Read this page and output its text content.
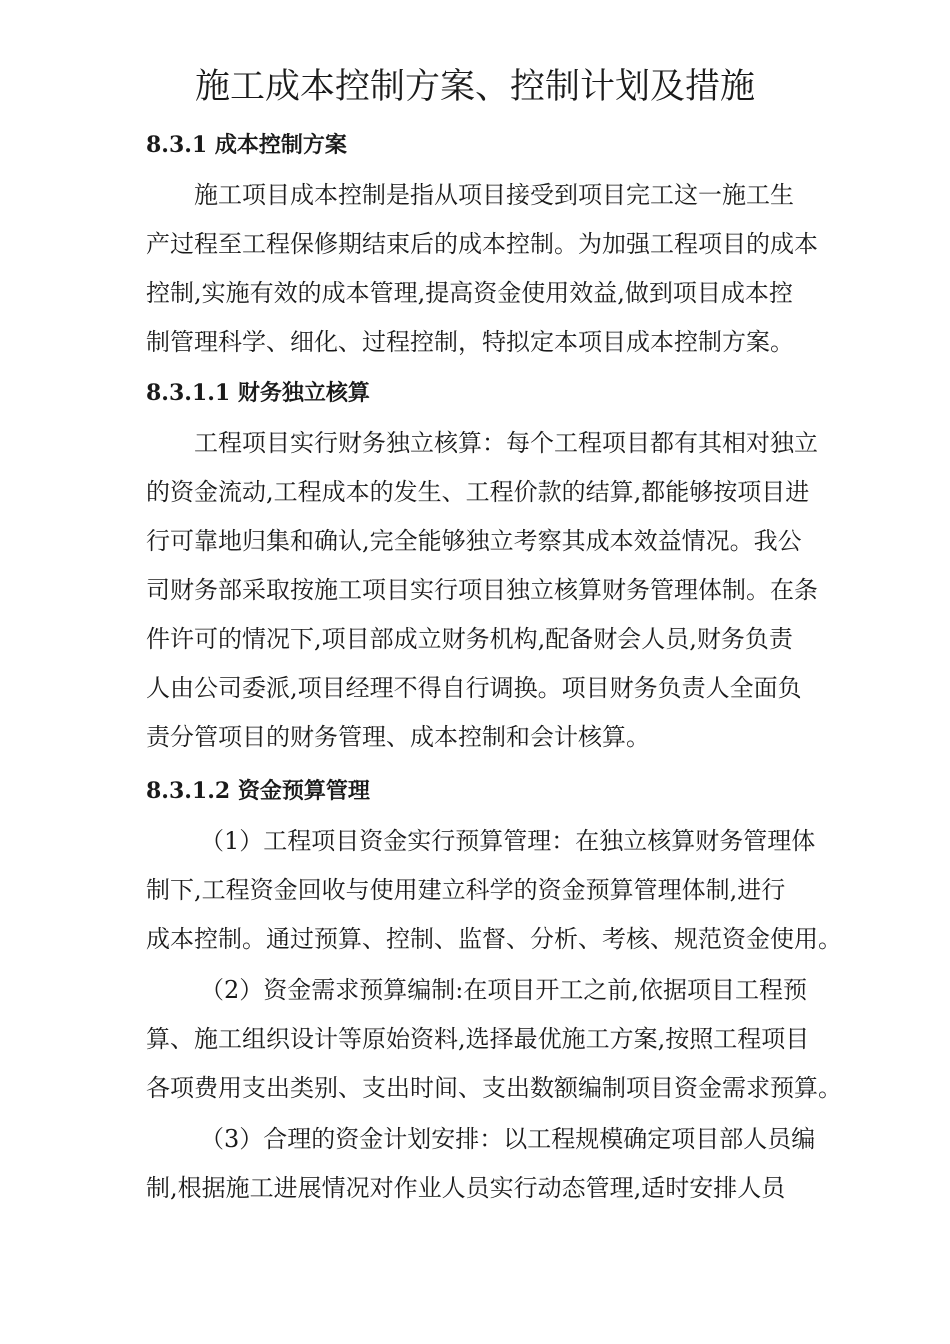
施工成本控制方案、控制计划及措施
8.3.1 成本控制方案
施工项目成本控制是指从项目接受到项目完工这一施工生
产过程至工程保修期结束后的成本控制。为加强工程项目的成本
控制,实施有效的成本管理,提高资金使用效益,做到项目成本控
制管理科学、细化、过程控制，特拟定本项目成本控制方案。
8.3.1.1 财务独立核算
工程项目实行财务独立核算：每个工程项目都有其相对独立
的资金流动,工程成本的发生、工程价款的结算,都能够按项目进
行可靠地归集和确认,完全能够独立考察其成本效益情况。我公
司财务部采取按施工项目实行项目独立核算财务管理体制。在条
件许可的情况下,项目部成立财务机构,配备财会人员,财务负责
人由公司委派,项目经理不得自行调换。项目财务负责人全面负
责分管项目的财务管理、成本控制和会计核算。
8.3.1.2 资金预算管理
（1）工程项目资金实行预算管理：在独立核算财务管理体
制下,工程资金回收与使用建立科学的资金预算管理体制,进行
成本控制。通过预算、控制、监督、分析、考核、规范资金使用。
（2）资金需求预算编制:在项目开工之前,依据项目工程预
算、施工组织设计等原始资料,选择最优施工方案,按照工程项目
各项费用支出类别、支出时间、支出数额编制项目资金需求预算。
（3）合理的资金计划安排：以工程规模确定项目部人员编
制,根据施工进展情况对作业人员实行动态管理,适时安排人员
